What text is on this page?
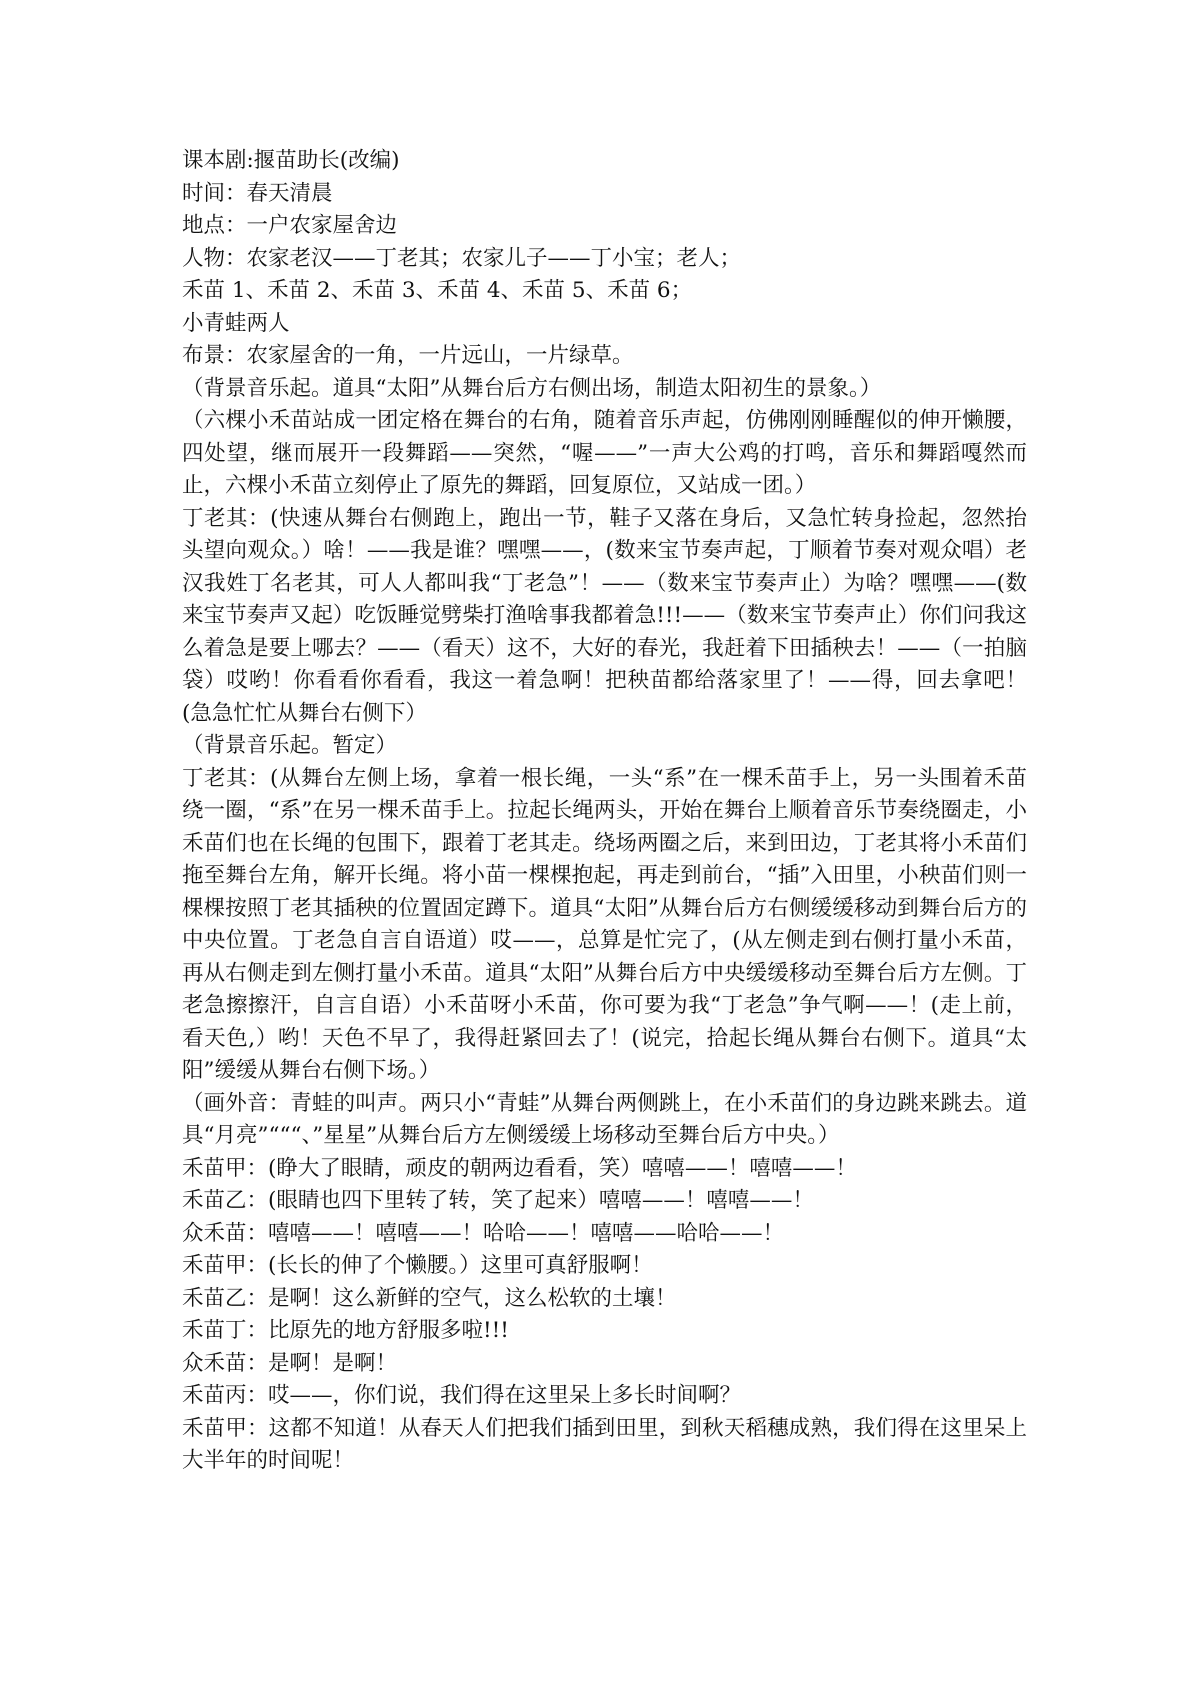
课本剧:揠苗助长(改编)

时间：春天清晨

地点：一户农家屋舍边

人物：农家老汉——丁老其；农家儿子——丁小宝；老人；

禾苗 1、禾苗 2、禾苗 3、禾苗 4、禾苗 5、禾苗 6；

小青蛙两人

布景：农家屋舍的一角，一片远山，一片绿草。

（背景音乐起。道具“太阳”从舞台后方右侧出场，制造太阳初生的景象。）

（六棵小禾苗站成一团定格在舞台的右角，随着音乐声起，仿佛刚刚睡醒似的伸开懒腰，四处望，继而展开一段舞蹈——突然，“喔——”一声大公鸡的打鸣，音乐和舞蹈嘎然而止，六棵小禾苗立刻停止了原先的舞蹈，回复原位，又站成一团。）

丁老其：(快速从舞台右侧跑上，跑出一节，鞋子又落在身后，又急忙转身捡起，忽然抬头望向观众。）啥！——我是谁？嘿嘿——，(数来宝节奏声起，丁顺着节奏对观众唱）老汉我姓丁名老其，可人人都叫我“丁老急”！——（数来宝节奏声止）为啥？嘿嘿——(数来宝节奏声又起）吃饭睡觉劈柴打渔啥事我都着急!!!——（数来宝节奏声止）你们问我这么着急是要上哪去？——（看天）这不，大好的春光，我赶着下田插秧去！——（一拍脑袋）哎哟！你看看你看看，我这一着急啊！把秧苗都给落家里了！——得，回去拿吧！(急急忙忙从舞台右侧下）

（背景音乐起。暂定）

丁老其：(从舞台左侧上场，拿着一根长绳，一头“系”在一棵禾苗手上，另一头围着禾苗绕一圈，“系”在另一棵禾苗手上。拉起长绳两头，开始在舞台上顺着音乐节奏绕圈走，小禾苗们也在长绳的包围下，跟着丁老其走。绕场两圈之后，来到田边，丁老其将小禾苗们拖至舞台左角，解开长绳。将小苗一棵棵抱起，再走到前台，“插”入田里，小秧苗们则一棵棵按照丁老其插秧的位置固定蹲下。道具“太阳”从舞台后方右侧缓缓移动到舞台后方的中央位置。丁老急自言自语道）哎——，总算是忙完了，(从左侧走到右侧打量小禾苗，再从右侧走到左侧打量小禾苗。道具“太阳”从舞台后方中央缓缓移动至舞台后方左侧。丁老急擦擦汗，自言自语）小禾苗呀小禾苗，你可要为我“丁老急”争气啊——！(走上前，看天色,）哟！天色不早了，我得赶紧回去了！(说完，拾起长绳从舞台右侧下。道具“太阳”缓缓从舞台右侧下场。）

（画外音：青蛙的叫声。两只小“青蛙”从舞台两侧跳上，在小禾苗们的身边跳来跳去。道具“月亮”“““、”星星”从舞台后方左侧缓缓上场移动至舞台后方中央。）

禾苗甲：(睁大了眼睛，顽皮的朝两边看看，笑）嘻嘻——！嘻嘻——！

禾苗乙：(眼睛也四下里转了转，笑了起来）嘻嘻——！嘻嘻——！

众禾苗：嘻嘻——！嘻嘻——！哈哈——！嘻嘻——哈哈——！

禾苗甲：(长长的伸了个懒腰。）这里可真舒服啊！

禾苗乙：是啊！这么新鲜的空气，这么松软的土壤！

禾苗丁：比原先的地方舒服多啦!!!

众禾苗：是啊！是啊！

禾苗丙：哎——，你们说，我们得在这里呆上多长时间啊？

禾苗甲：这都不知道！从春天人们把我们插到田里，到秋天稻穗成熟，我们得在这里呆上大半年的时间呢！
